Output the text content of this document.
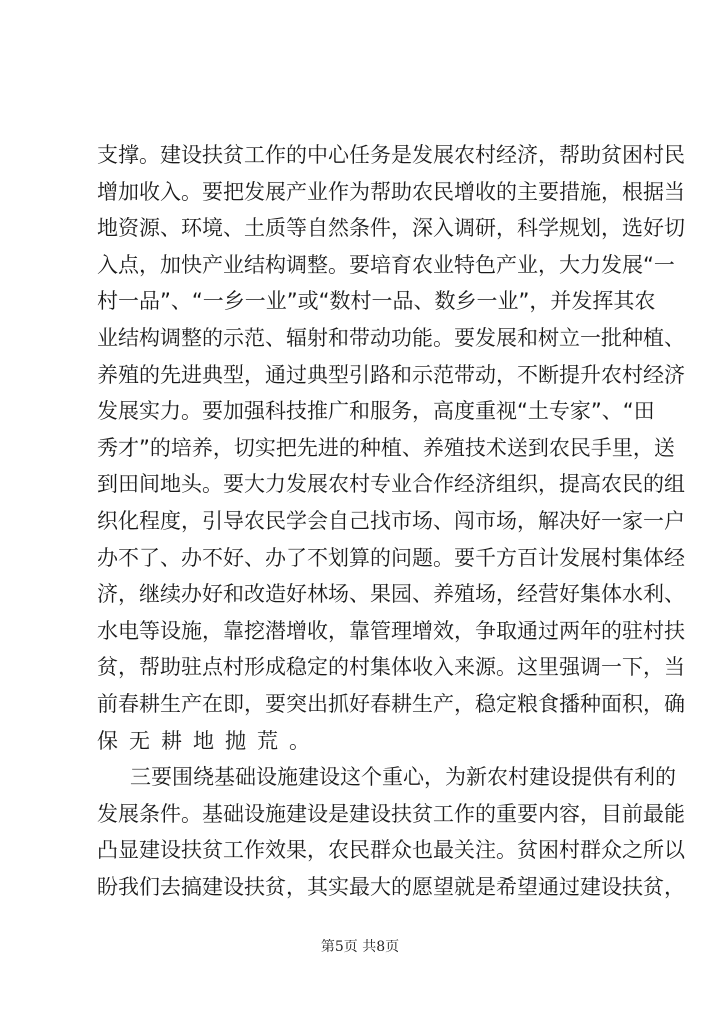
支撑。建设扶贫工作的中心任务是发展农村经济，帮助贫困村民
增加收入。要把发展产业作为帮助农民增收的主要措施，根据当
地资源、环境、土质等自然条件，深入调研，科学规划，选好切
入点，加快产业结构调整。要培育农业特色产业，大力发展“一
村一品”、“一乡一业”或“数村一品、数乡一业”，并发挥其农
业结构调整的示范、辐射和带动功能。要发展和树立一批种植、
养殖的先进典型，通过典型引路和示范带动，不断提升农村经济
发展实力。要加强科技推广和服务，高度重视“土专家”、“田
秀才”的培养，切实把先进的种植、养殖技术送到农民手里，送
到田间地头。要大力发展农村专业合作经济组织，提高农民的组
织化程度，引导农民学会自己找市场、闯市场，解决好一家一户
办不了、办不好、办了不划算的问题。要千方百计发展村集体经
济，继续办好和改造好林场、果园、养殖场，经营好集体水利、
水电等设施，靠挖潜增收，靠管理增效，争取通过两年的驻村扶
贫，帮助驻点村形成稳定的村集体收入来源。这里强调一下，当
前春耕生产在即，要突出抓好春耕生产，稳定粮食播种面积，确
保无耕地抛荒。
三要围绕基础设施建设这个重心，为新农村建设提供有利的
发展条件。基础设施建设是建设扶贫工作的重要内容，目前最能
凸显建设扶贫工作效果，农民群众也最关注。贫困村群众之所以
盼我们去搞建设扶贫，其实最大的愿望就是希望通过建设扶贫，
第5页 共8页
